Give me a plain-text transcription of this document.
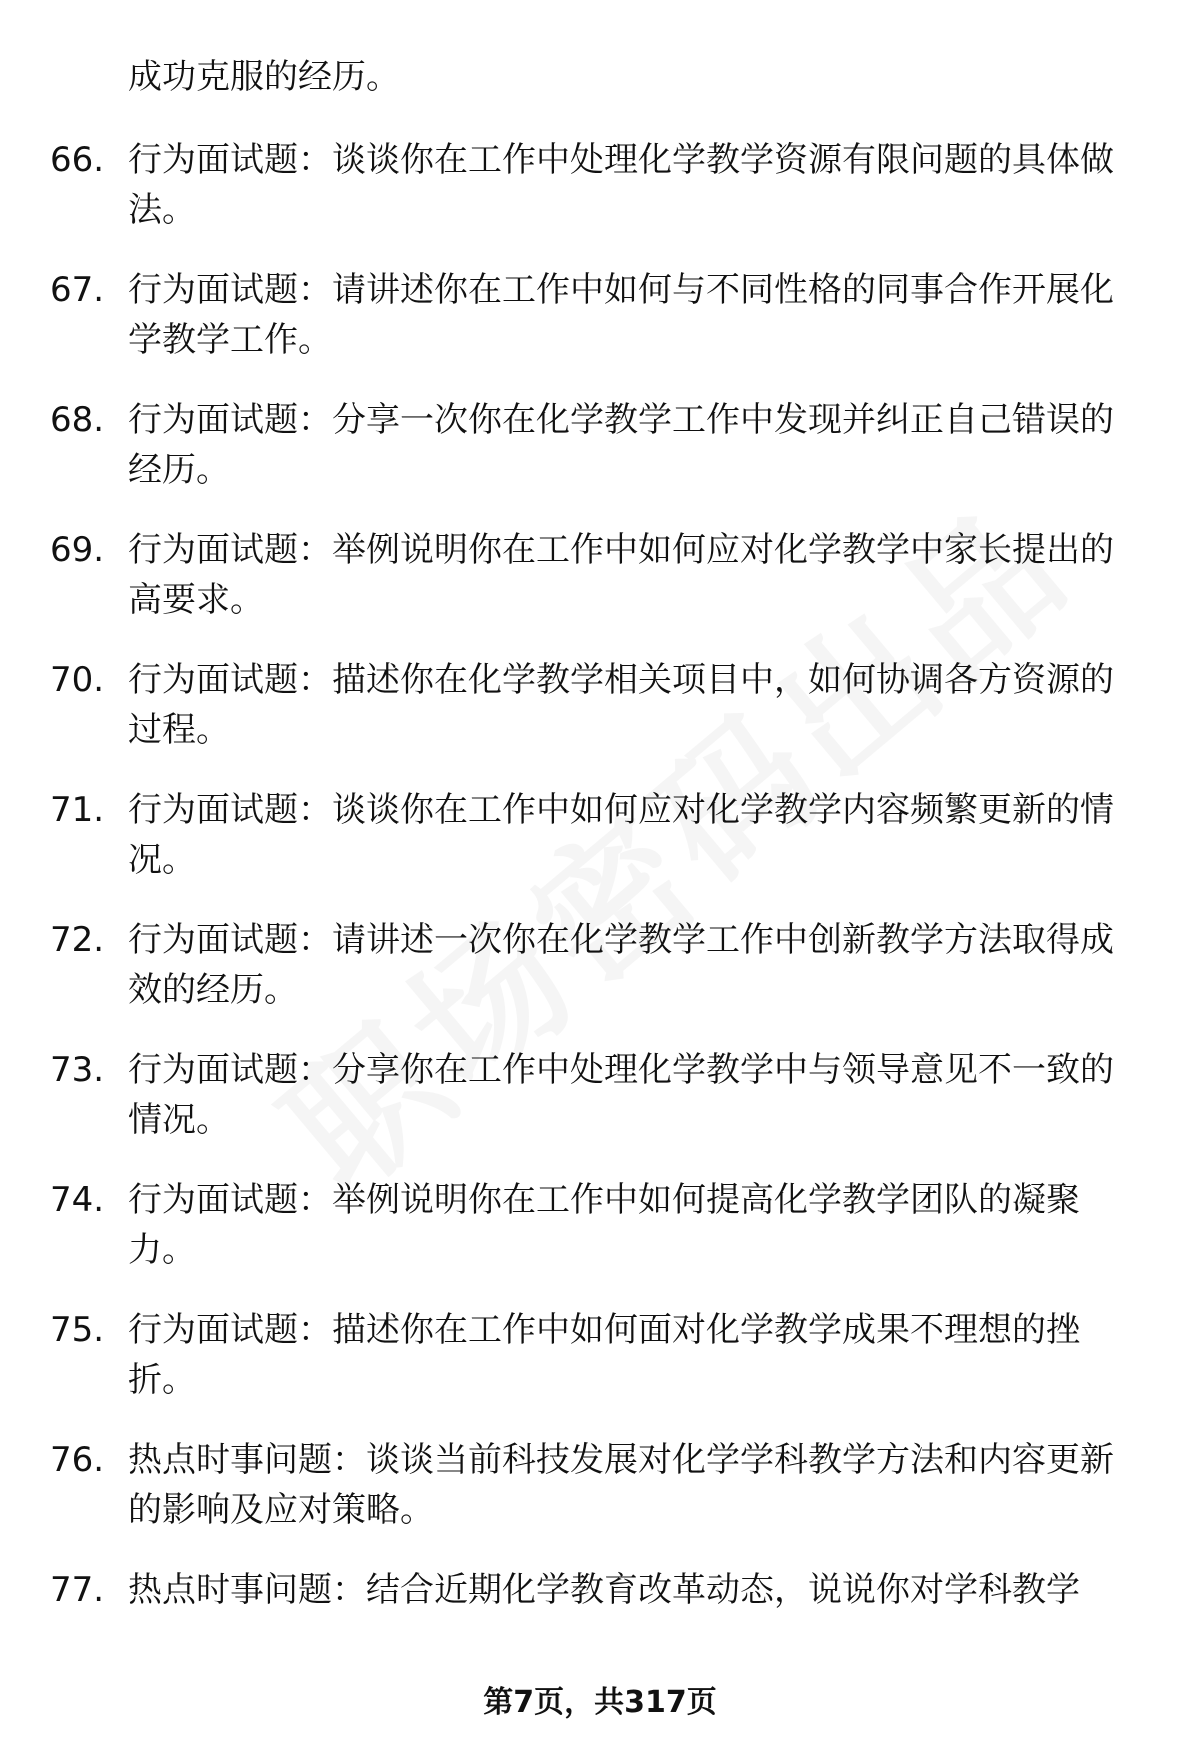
成功克服的经历。
66. 行为面试题：谈谈你在工作中处理化学教学资源有限问题的具体做法。
67. 行为面试题：请讲述你在工作中如何与不同性格的同事合作开展化学教学工作。
68. 行为面试题：分享一次你在化学教学工作中发现并纠正自己错误的经历。
69. 行为面试题：举例说明你在工作中如何应对化学教学中家长提出的高要求。
70. 行为面试题：描述你在化学教学相关项目中，如何协调各方资源的过程。
71. 行为面试题：谈谈你在工作中如何应对化学教学内容频繁更新的情况。
72. 行为面试题：请讲述一次你在化学教学工作中创新教学方法取得成效的经历。
73. 行为面试题：分享你在工作中处理化学教学中与领导意见不一致的情况。
74. 行为面试题：举例说明你在工作中如何提高化学教学团队的凝聚力。
75. 行为面试题：描述你在工作中如何面对化学教学成果不理想的挫折。
76. 热点时事问题：谈谈当前科技发展对化学学科教学方法和内容更新的影响及应对策略。
77. 热点时事问题：结合近期化学教育改革动态，说说你对学科教学
第7页，共317页
